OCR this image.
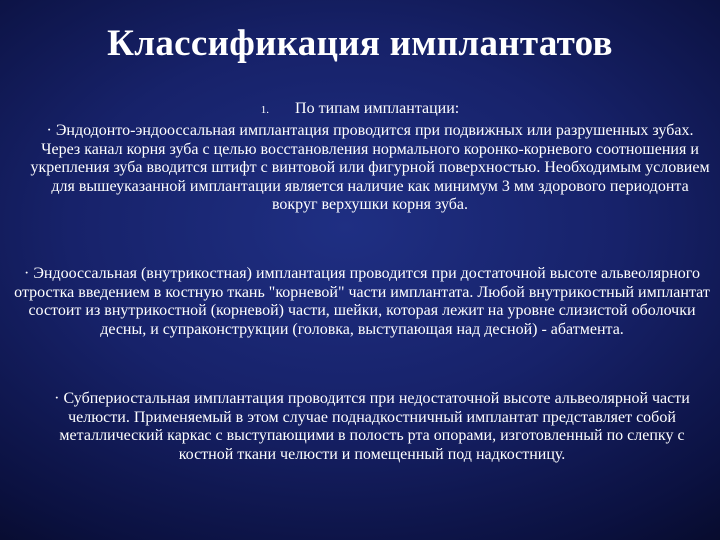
Классификация имплантатов
1. По типам имплантации:
· Эндодонто-эндооссальная имплантация проводится при подвижных или разрушенных зубах. Через канал корня зуба с целью восстановления нормального коронко-корневого соотношения и укрепления зуба вводится штифт с винтовой или фигурной поверхностью. Необходимым условием для вышеуказанной имплантации является наличие как минимум 3 мм здорового периодонта вокруг верхушки корня зуба.
· Эндооссальная (внутрикостная) имплантация проводится при достаточной высоте альвеолярного отростка введением в костную ткань "корневой" части имплантата. Любой внутрикостный имплантат состоит из внутрикостной (корневой) части, шейки, которая лежит на уровне слизистой оболочки десны, и супраконструкции (головка, выступающая над десной) - абатмента.
· Субпериостальная имплантация проводится при недостаточной высоте альвеолярной части челюсти. Применяемый в этом случае поднадкостничный имплантат представляет собой металлический каркас с выступающими в полость рта опорами, изготовленный по слепку с костной ткани челюсти и помещенный под надкостницу.
